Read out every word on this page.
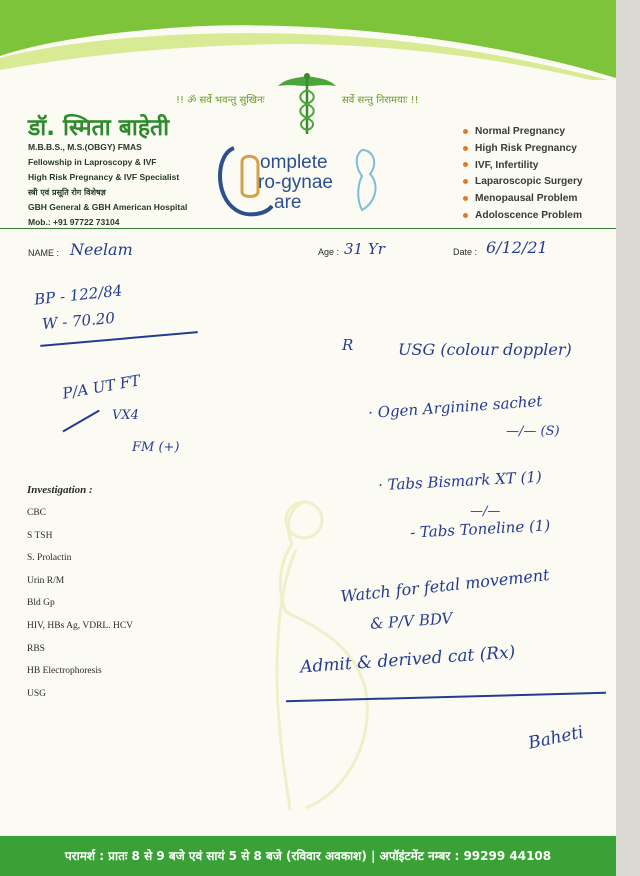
!! ॐ सर्वे भवन्तु सुखिनः	सर्वे सन्तु निरामयाः !!
डॉ. स्मिता बाहेती
M.B.B.S., M.S.(OBGY) FMAS
Fellowship in Laproscopy & IVF
High Risk Pregnancy & IVF Specialist
स्त्री एवं प्रसूति रोग विशेषज्ञ
GBH General & GBH American Hospital
Mob.: +91 97722 73104
omplete
ro-gynae
are
Normal Pregnancy
High Risk Pregnancy
IVF, Infertility
Laparoscopic Surgery
Menopausal Problem
Adoloscence Problem
NAME : Neelam	Age : 31 Yr	Date : 6/12/21
BP - 122/84
W - 70.20
P/A UT FT
VX4
FM (+)
Investigation :
CBC
S TSH
S. Prolactin
Urin R/M
Bld Gp
HIV, HBs Ag, VDRL. HCV
RBS
HB Electrophoresis
USG
R	USG (colour doppler)
· Ogen Arginine sachet
—/— (S)
· Tabs Bismark XT (1)
—/—
- Tabs Toneline (1)
Watch for fetal movement
& P/V BDV
Admit & derived cat (Rx)
Baheti
परामर्श : प्रातः 8 से 9 बजे एवं सायं 5 से 8 बजे (रविवार अवकाश) | अपॉइंटमेंट नम्बर : 99299 44108
